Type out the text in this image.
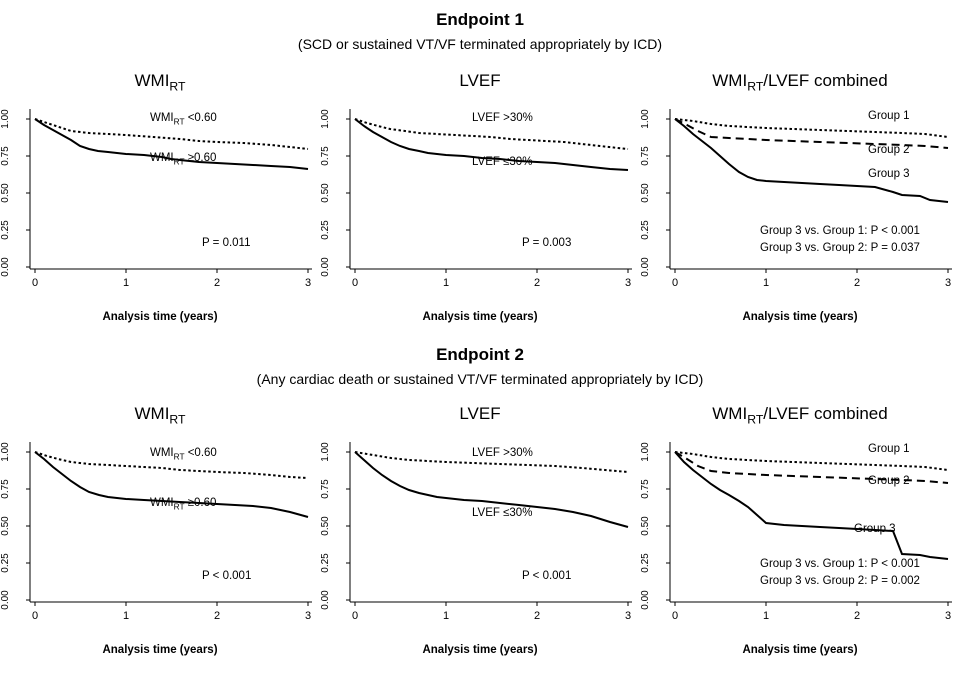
Endpoint 1
(SCD or sustained VT/VF terminated appropriately by ICD)
$WMI_{RT}$
0.00
0.25
0.50
0.75
1.00
0	1	2	3
$WMI_{RT} <0.60$
$WMI_{RT} \ge 0.60$
P = 0.011
Analysis time (years)
LVEF
0.00
0.25
0.50
0.75
1.00
0	1	2	3
LVEF >30%
LVEF ≤30%
P = 0.003
Analysis time (years)
$WMI_{RT}$/LVEF combined
0.00
0.25
0.50
0.75
1.00
0	1	2	3
Group 1
Group 2
Group 3
Group 3 vs. Group 1: P < 0.001
Group 3 vs. Group 2: P = 0.037
Analysis time (years)
Endpoint 2
(Any cardiac death or sustained VT/VF terminated appropriately by ICD)
$WMI_{RT}$
0.00
0.25
0.50
0.75
1.00
0	1	2	3
$WMI_{RT} <0.60$
$WMI_{RT} \ge 0.60$
P < 0.001
Analysis time (years)
LVEF
0.00
0.25
0.50
0.75
1.00
0	1	2	3
LVEF >30%
LVEF ≤30%
P < 0.001
Analysis time (years)
$WMI_{RT}$/LVEF combined
0.00
0.25
0.50
0.75
1.00
0	1	2	3
Group 1
Group 2
Group 3
Group 3 vs. Group 1: P < 0.001
Group 3 vs. Group 2: P = 0.002
Analysis time (years)
